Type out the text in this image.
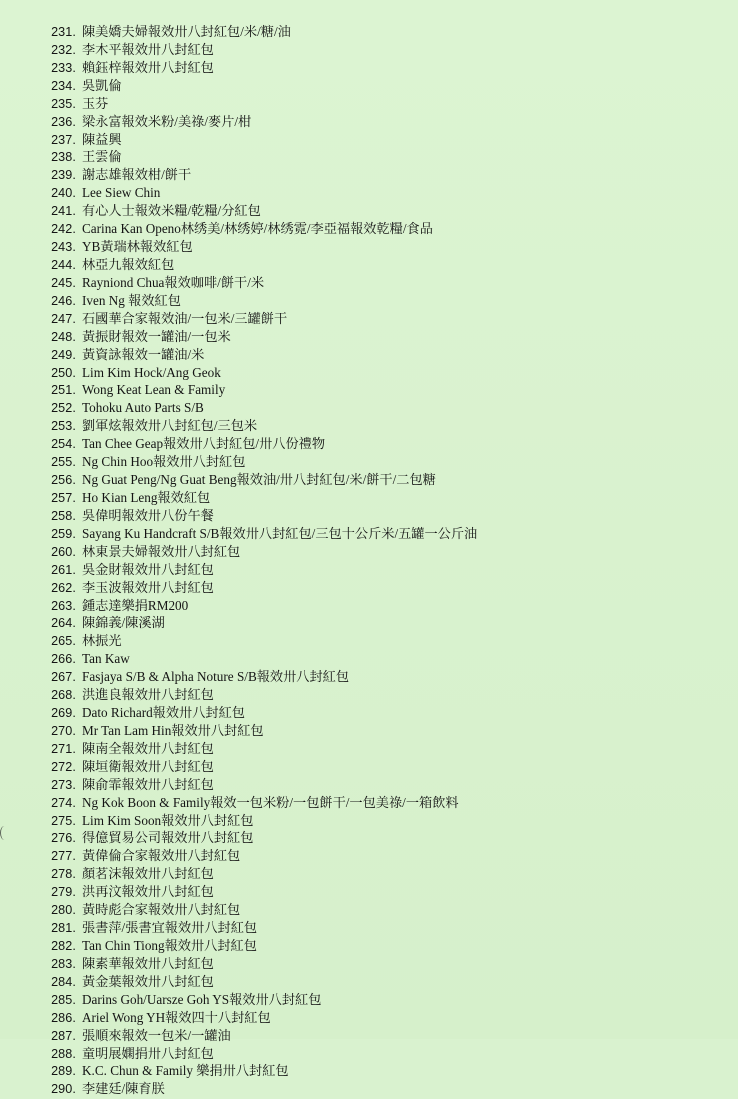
231. 陳美嬌夫婦報效卅八封紅包/米/糖/油
232. 李木平報效卅八封紅包
233. 賴鈺梓報效卅八封紅包
234. 吳凱倫
235. 玉芬
236. 梁永富報效米粉/美祿/麥片/柑
237. 陳益興
238. 王雲倫
239. 謝志雄報效柑/餅干
240. Lee Siew Chin
241. 有心人士報效米糧/乾糧/分紅包
242. Carina Kan Openo林绣美/林绣婷/林绣霓/李亞福報效乾糧/食品
243. YB黃瑞林報效紅包
244. 林亞九報效紅包
245. Rayniond Chua報效咖啡/餅干/米
246. Iven Ng 報效紅包
247. 石國華合家報效油/一包米/三罐餅干
248. 黃振財報效一罐油/一包米
249. 黃資詠報效一罐油/米
250. Lim Kim Hock/Ang Geok
251. Wong Keat Lean & Family
252. Tohoku Auto Parts S/B
253. 劉軍炫報效卅八封紅包/三包米
254. Tan Chee Geap報效卅八封紅包/卅八份禮物
255. Ng Chin Hoo報效卅八封紅包
256. Ng Guat Peng/Ng Guat Beng報效油/卅八封紅包/米/餅干/二包糖
257. Ho Kian Leng報效紅包
258. 吳偉明報效卅八份午餐
259. Sayang Ku Handcraft S/B報效卅八封紅包/三包十公斤米/五罐一公斤油
260. 林東景夫婦報效卅八封紅包
261. 吳金財報效卅八封紅包
262. 李玉波報效卅八封紅包
263. 鍾志達樂捐RM200
264. 陳錦義/陳溪湖
265. 林振光
266. Tan Kaw
267. Fasjaya S/B & Alpha Noture S/B報效卅八封紅包
268. 洪進良報效卅八封紅包
269. Dato Richard報效卅八封紅包
270. Mr Tan Lam Hin報效卅八封紅包
271. 陳南全報效卅八封紅包
272. 陳垣衛報效卅八封紅包
273. 陳俞霏報效卅八封紅包
274. Ng Kok Boon & Family報效一包米粉/一包餅干/一包美祿/一箱飲料
275. Lim Kim Soon報效卅八封紅包
276. 得億貿易公司報效卅八封紅包
277. 黃偉倫合家報效卅八封紅包
278. 顏茗沫報效卅八封紅包
279. 洪再汶報效卅八封紅包
280. 黃時彪合家報效卅八封紅包
281. 張書萍/張書宜報效卅八封紅包
282. Tan Chin Tiong報效卅八封紅包
283. 陳素華報效卅八封紅包
284. 黃金葉報效卅八封紅包
285. Darins Goh/Uarsze Goh YS報效卅八封紅包
286. Ariel Wong YH報效四十八封紅包
287. 張順來報效一包米/一罐油
288. 童明展嫻捐卅八封紅包
289. K.C. Chun & Family 樂捐卅八封紅包
290. 李建廷/陳育朕
